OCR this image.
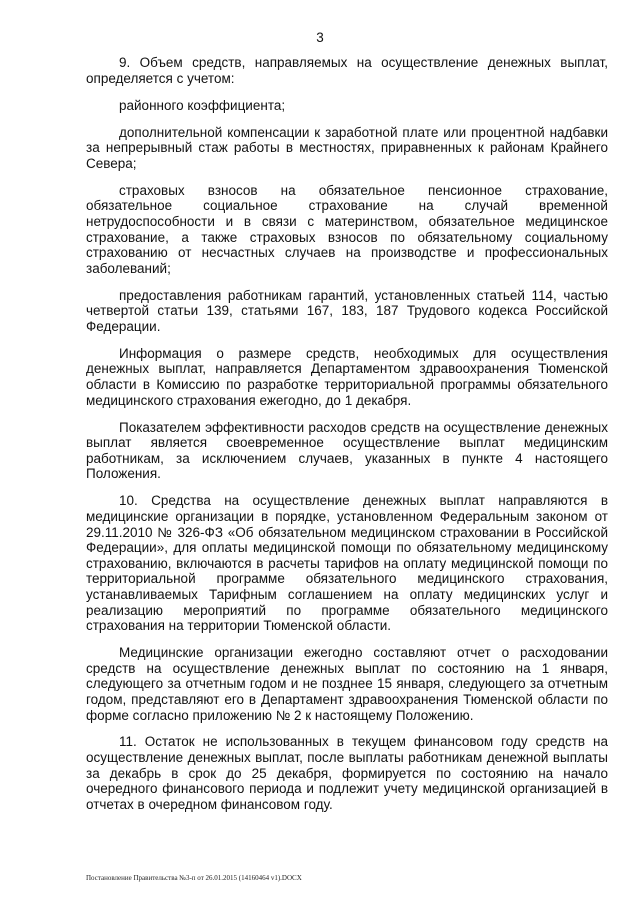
3

9. Объем средств, направляемых на осуществление денежных выплат, определяется с учетом:

районного коэффициента;

дополнительной компенсации к заработной плате или процентной надбавки за непрерывный стаж работы в местностях, приравненных к районам Крайнего Севера;

страховых взносов на обязательное пенсионное страхование,
обязательное социальное страхование на случай временной

нетрудоспособности и в связи с материнством, обязательное медицинское страхование, а также страховых взносов по обязательному социальному страхованию от несчастных случаев на производстве и профессиональных заболеваний;

предоставления работникам гарантий, установленных статьей 114, частью четвертой статьи 139, статьями 167, 183, 187 Трудового кодекса Российской Федерации.

Информация о размере средств, необходимых для осуществления денежных выплат, направляется Департаментом здравоохранения Тюменской области в Комиссию по разработке территориальной программы обязательного медицинского страхования ежегодно, до 1 декабря.

Показателем эффективности расходов средств на осуществление денежных выплат является своевременное осуществление выплат медицинским работникам, за исключением случаев, указанных в пункте 4 настоящего Положения.

10. Средства на осуществление денежных выплат направляются в медицинские организации в порядке, установленном Федеральным законом от 29.11.2010 № 326-ФЗ «Об обязательном медицинском страховании в Российской Федерации», для оплаты медицинской помощи по обязательному медицинскому страхованию, включаются в расчеты тарифов на оплату медицинской помощи по территориальной программе обязательного медицинского страхования, устанавливаемых Тарифным соглашением на оплату медицинских услуг и реализацию мероприятий по программе обязательного медицинского страхования на территории Тюменской области.

Медицинские организации ежегодно составляют отчет о расходовании средств на осуществление денежных выплат по состоянию на 1 января, следующего за отчетным годом и не позднее 15 января, следующего за отчетным годом, представляют его в Департамент здравоохранения Тюменской области по форме согласно приложению № 2 к настоящему Положению.

11. Остаток не использованных в текущем финансовом году средств на осуществление денежных выплат, после выплаты работникам денежной выплаты за декабрь в срок до 25 декабря, формируется по состоянию на начало очередного финансового периода и подлежит учету медицинской организацией в отчетах в очередном финансовом году.

Постановление Правительства №3-п от 26.01.2015 (14160464 v1).DOCX
